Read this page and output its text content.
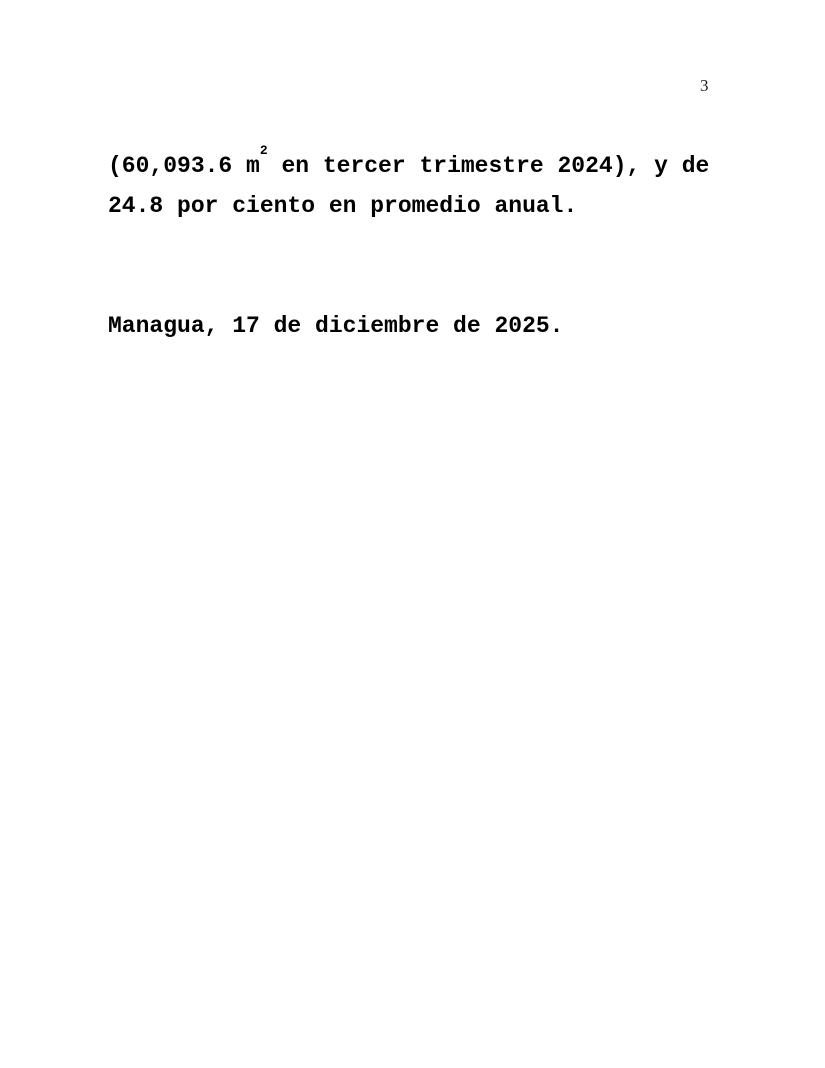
3

(60,093.6 $m^2$ en tercer trimestre 2024), y de

24.8 por ciento en promedio anual.

Managua, 17 de diciembre de 2025.
